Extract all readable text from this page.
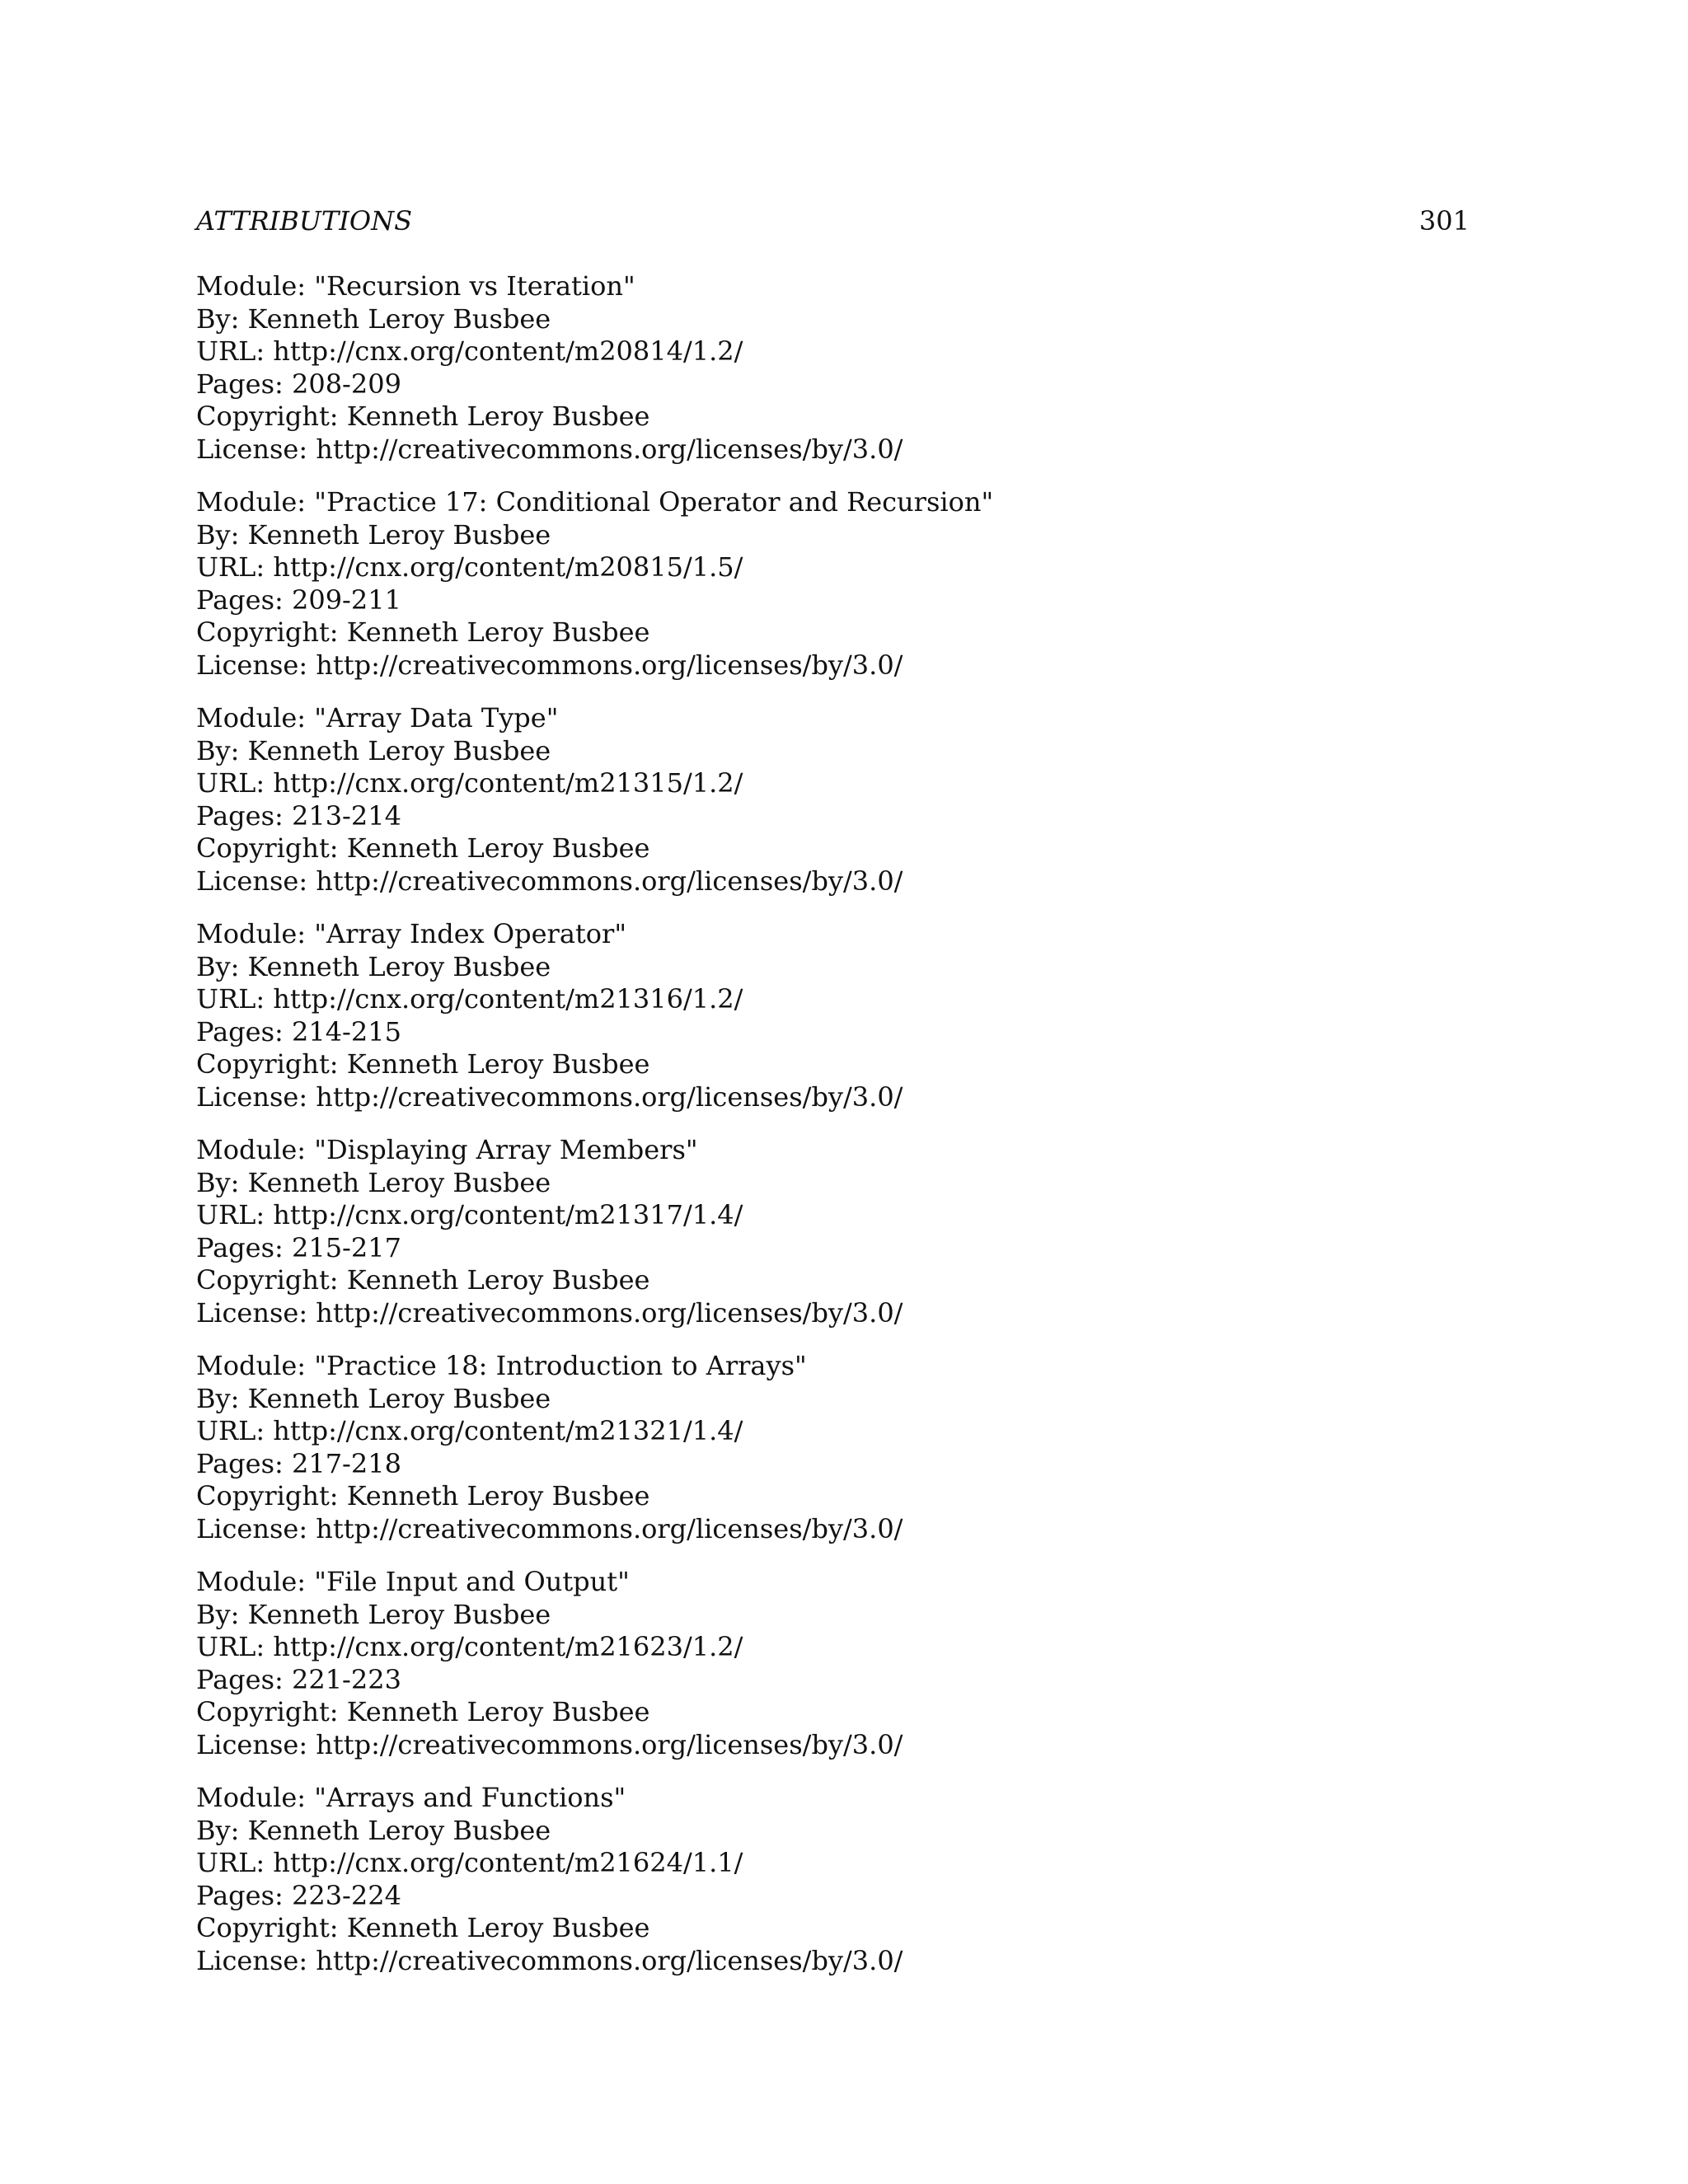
ATTRIBUTIONS	301
Module: "Recursion vs Iteration"
By: Kenneth Leroy Busbee
URL: http://cnx.org/content/m20814/1.2/
Pages: 208-209
Copyright: Kenneth Leroy Busbee
License: http://creativecommons.org/licenses/by/3.0/
Module: "Practice 17: Conditional Operator and Recursion"
By: Kenneth Leroy Busbee
URL: http://cnx.org/content/m20815/1.5/
Pages: 209-211
Copyright: Kenneth Leroy Busbee
License: http://creativecommons.org/licenses/by/3.0/
Module: "Array Data Type"
By: Kenneth Leroy Busbee
URL: http://cnx.org/content/m21315/1.2/
Pages: 213-214
Copyright: Kenneth Leroy Busbee
License: http://creativecommons.org/licenses/by/3.0/
Module: "Array Index Operator"
By: Kenneth Leroy Busbee
URL: http://cnx.org/content/m21316/1.2/
Pages: 214-215
Copyright: Kenneth Leroy Busbee
License: http://creativecommons.org/licenses/by/3.0/
Module: "Displaying Array Members"
By: Kenneth Leroy Busbee
URL: http://cnx.org/content/m21317/1.4/
Pages: 215-217
Copyright: Kenneth Leroy Busbee
License: http://creativecommons.org/licenses/by/3.0/
Module: "Practice 18: Introduction to Arrays"
By: Kenneth Leroy Busbee
URL: http://cnx.org/content/m21321/1.4/
Pages: 217-218
Copyright: Kenneth Leroy Busbee
License: http://creativecommons.org/licenses/by/3.0/
Module: "File Input and Output"
By: Kenneth Leroy Busbee
URL: http://cnx.org/content/m21623/1.2/
Pages: 221-223
Copyright: Kenneth Leroy Busbee
License: http://creativecommons.org/licenses/by/3.0/
Module: "Arrays and Functions"
By: Kenneth Leroy Busbee
URL: http://cnx.org/content/m21624/1.1/
Pages: 223-224
Copyright: Kenneth Leroy Busbee
License: http://creativecommons.org/licenses/by/3.0/
